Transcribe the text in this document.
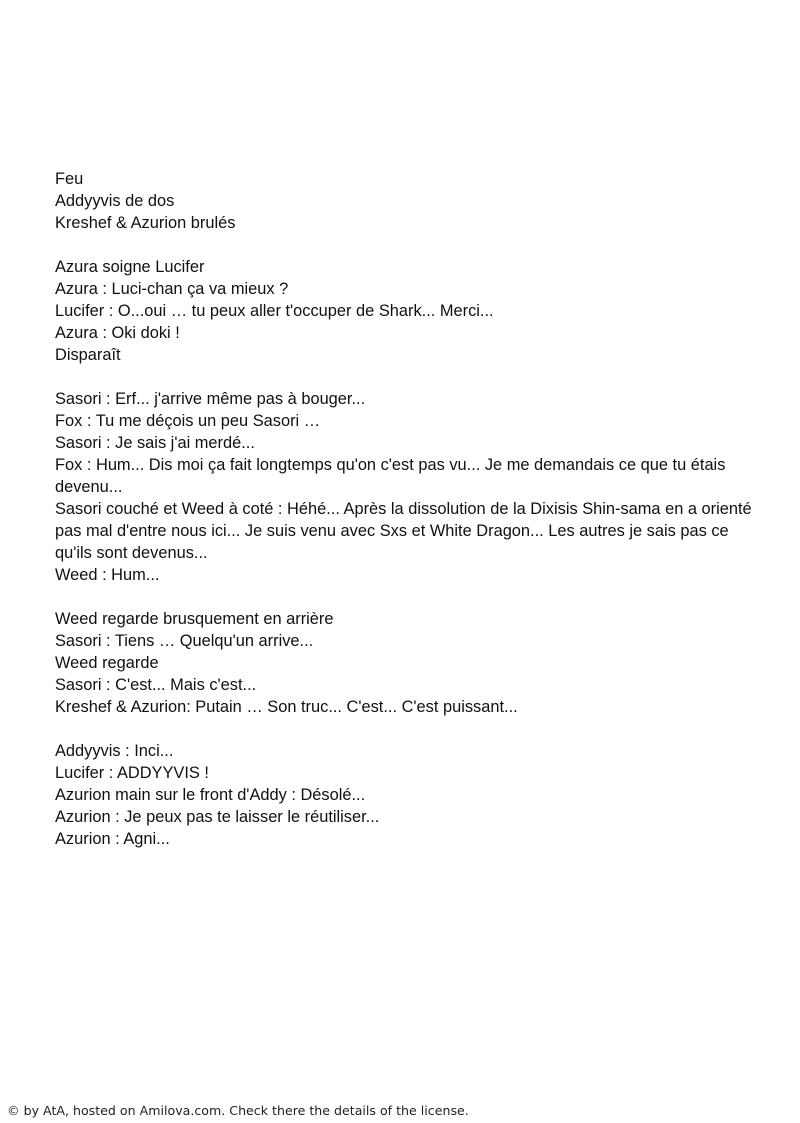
Feu
Addyyvis de dos
Kreshef & Azurion brulés
Azura soigne Lucifer
Azura : Luci-chan ça va mieux ?
Lucifer : O...oui … tu peux aller t'occuper de Shark... Merci...
Azura : Oki doki !
Disparaît
Sasori : Erf... j'arrive même pas à bouger...
Fox : Tu me déçois un peu Sasori …
Sasori : Je sais j'ai merdé...
Fox : Hum... Dis moi ça fait longtemps qu'on c'est pas vu... Je me demandais ce que tu étais devenu...
Sasori couché et Weed à coté : Héhé... Après la dissolution de la Dixisis Shin-sama en a orienté pas mal d'entre nous ici... Je suis venu avec Sxs et White Dragon... Les autres je sais pas ce qu'ils sont devenus...
Weed : Hum...
Weed regarde brusquement en arrière
Sasori : Tiens … Quelqu'un arrive...
Weed regarde
Sasori : C'est... Mais c'est...
Kreshef & Azurion: Putain … Son truc... C'est... C'est puissant...
Addyyvis : Inci...
Lucifer : ADDYYVIS !
Azurion main sur le front d'Addy : Désolé...
Azurion : Je peux pas te laisser le réutiliser...
Azurion : Agni...
© by AtA, hosted on Amilova.com. Check there the details of the license.
